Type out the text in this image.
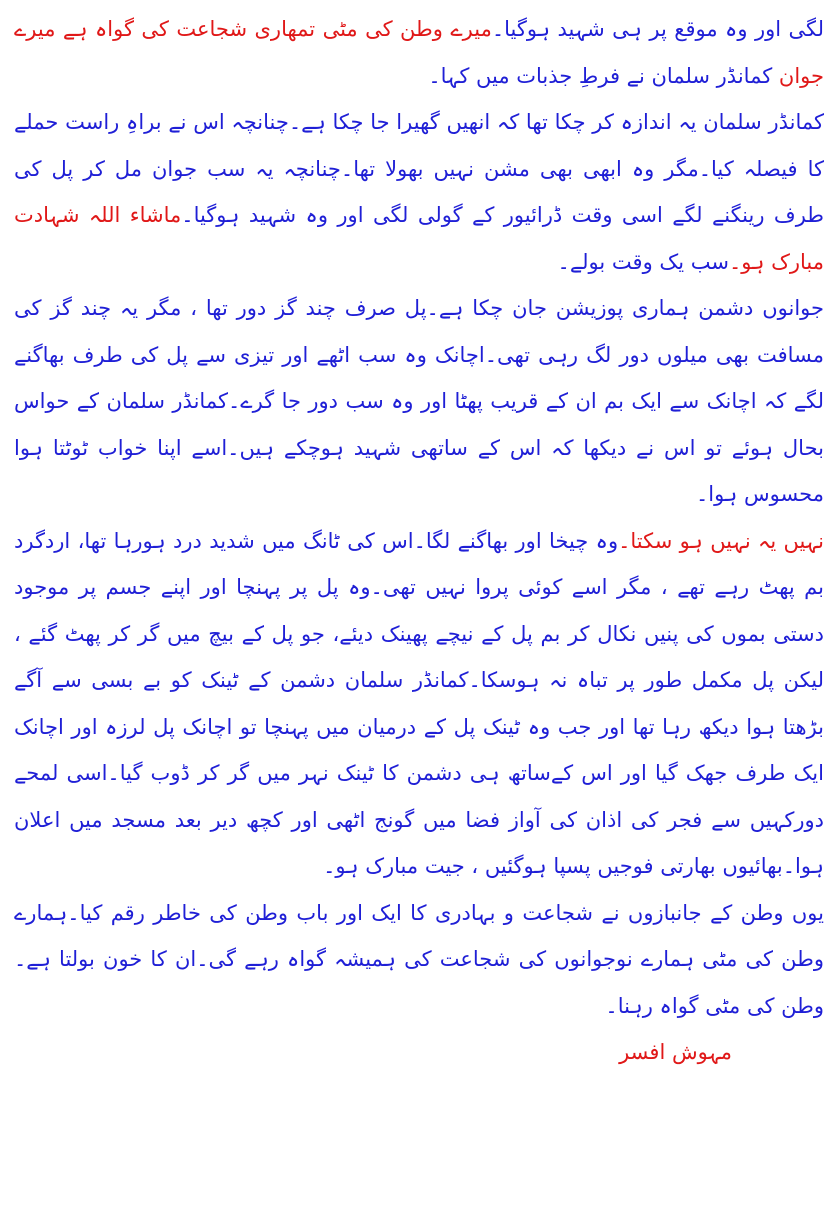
لگی اور وہ موقع پر ہی شہید ہوگیا۔میرے وطن کی مٹی تمھاری شجاعت کی گواہ ہے میرے جوان کمانڈر سلمان نے فرطِ جذبات میں کہا۔

کمانڈر سلمان یہ اندازہ کر چکا تھا کہ انھیں گھیرا جا چکا ہے۔چنانچہ اس نے براہِ راست حملے کا فیصلہ کیا۔مگر وہ ابھی بھی مشن نہیں بھولا تھا۔چنانچہ یہ سب جوان مل کر پل کی طرف رینگنے لگے اسی وقت ڈرائیور کے گولی لگی اور وہ شہید ہوگیا۔ماشاء اللہ شہادت مبارک ہو۔سب یک وقت بولے۔

جوانوں دشمن ہماری پوزیشن جان چکا ہے۔پل صرف چند گز دور تھا ، مگر یہ چند گز کی مسافت بھی میلوں دور لگ رہی تھی۔اچانک وہ سب اٹھے اور تیزی سے پل کی طرف بھاگنے لگے کہ اچانک سے ایک بم ان کے قریب پھٹا اور وہ سب دور جا گرے۔کمانڈر سلمان کے حواس بحال ہوئے تو اس نے دیکھا کہ اس کے ساتھی شہید ہوچکے ہیں۔اسے اپنا خواب ٹوٹتا ہوا محسوس ہوا۔

نہیں یہ نہیں ہو سکتا۔وہ چیخا اور بھاگنے لگا۔اس کی ٹانگ میں شدید درد ہورہا تھا، اردگرد بم پھٹ رہے تھے ، مگر اسے کوئی پروا نہیں تھی۔وہ پل پر پہنچا اور اپنے جسم پر موجود دستی بموں کی پنیں نکال کر بم پل کے نیچے پھینک دیئے، جو پل کے بیچ میں گر کر پھٹ گئے ، لیکن پل مکمل طور پر تباہ نہ ہوسکا۔کمانڈر سلمان دشمن کے ٹینک کو بے بسی سے آگے بڑھتا ہوا دیکھ رہا تھا اور جب وہ ٹینک پل کے درمیان میں پہنچا تو اچانک پل لرزہ اور اچانک ایک طرف جھک گیا اور اس کےساتھ ہی دشمن کا ٹینک نہر میں گر کر ڈوب گیا۔اسی لمحے دورکہیں سے فجر کی اذان کی آواز فضا میں گونج اٹھی اور کچھ دیر بعد مسجد میں اعلان ہوا۔بھائیوں بھارتی فوجیں پسپا ہوگئیں ، جیت مبارک ہو۔

یوں وطن کے جانبازوں نے شجاعت و بہادری کا ایک اور باب وطن کی خاطر رقم کیا۔ہمارے وطن کی مٹی ہمارے نوجوانوں کی شجاعت کی ہمیشہ گواہ رہے گی۔ان کا خون بولتا ہے۔وطن کی مٹی گواہ رہنا۔

مہوش افسر
